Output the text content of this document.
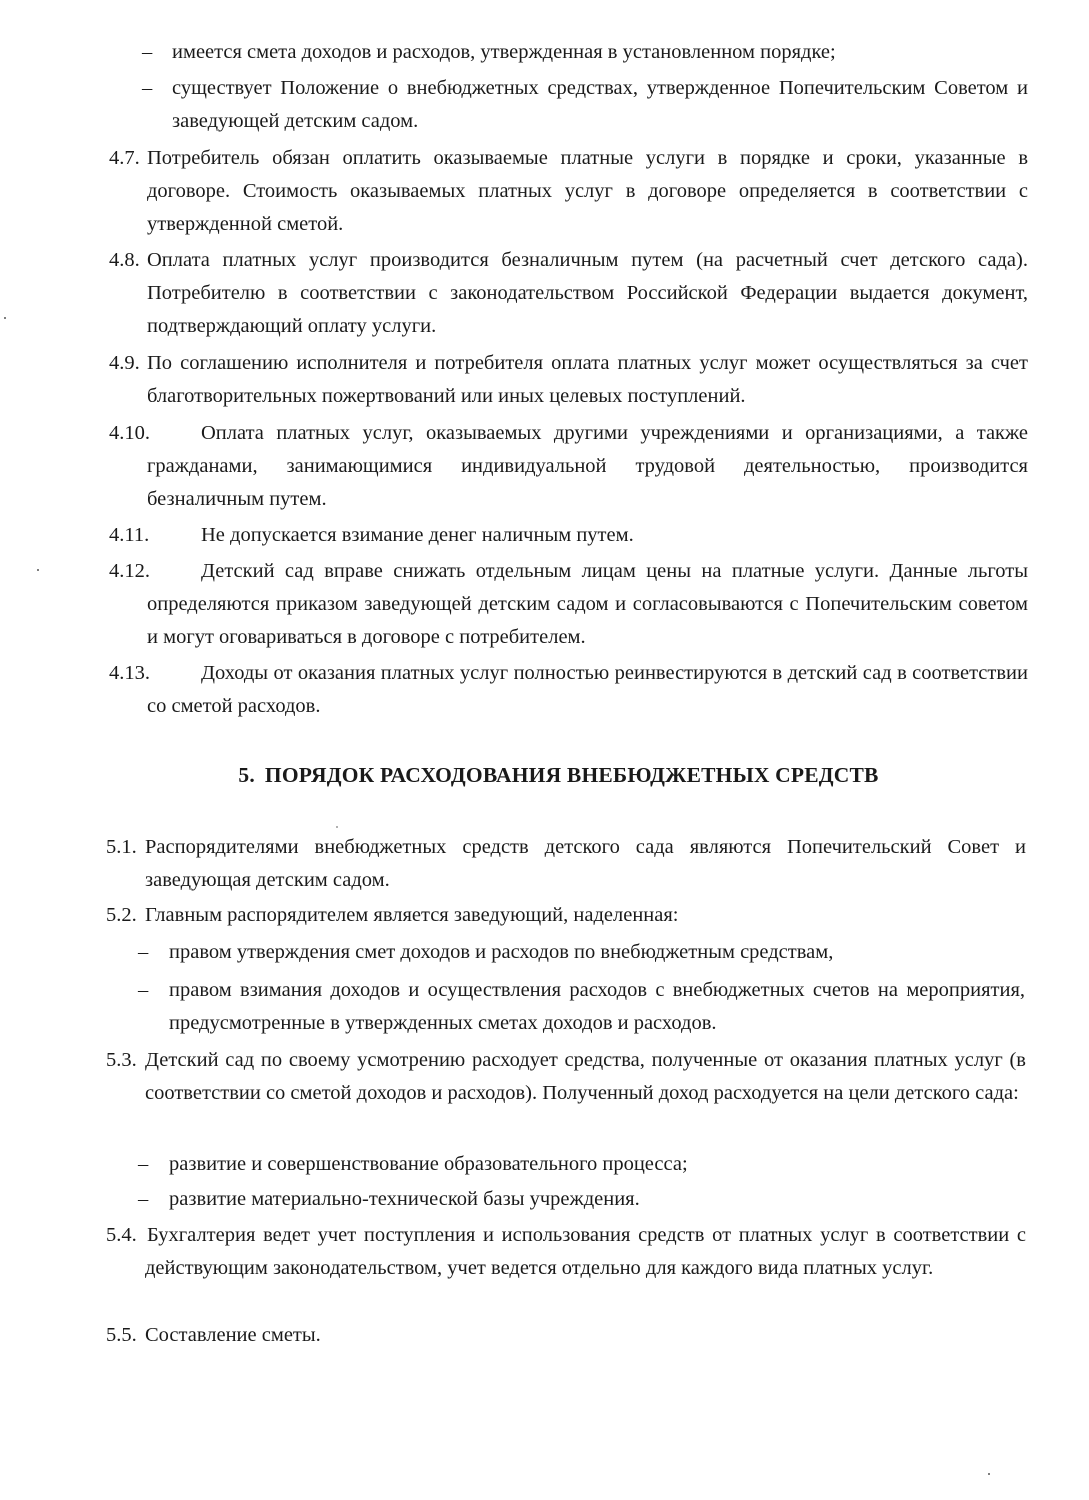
– имеется смета доходов и расходов, утвержденная в установленном порядке;
– существует Положение о внебюджетных средствах, утвержденное Попечительским Советом и заведующей детским садом.
4.7. Потребитель обязан оплатить оказываемые платные услуги в порядке и сроки, указанные в договоре. Стоимость оказываемых платных услуг в договоре определяется в соответствии с утвержденной сметой.
4.8. Оплата платных услуг производится безналичным путем (на расчетный счет детского сада). Потребителю в соответствии с законодательством Российской Федерации выдается документ, подтверждающий оплату услуги.
4.9. По соглашению исполнителя и потребителя оплата платных услуг может осуществляться за счет благотворительных пожертвований или иных целевых поступлений.
4.10.	Оплата платных услуг, оказываемых другими учреждениями и организациями, а также гражданами, занимающимися индивидуальной трудовой деятельностью, производится безналичным путем.
4.11.	Не допускается взимание денег наличным путем.
4.12.	Детский сад вправе снижать отдельным лицам цены на платные услуги. Данные льготы определяются приказом заведующей детским садом и согласовываются с Попечительским советом и могут оговариваться в договоре с потребителем.
4.13.	Доходы от оказания платных услуг полностью реинвестируются в детский сад в соответствии со сметой расходов.
5. ПОРЯДОК РАСХОДОВАНИЯ ВНЕБЮДЖЕТНЫХ СРЕДСТВ
5.1. Распорядителями внебюджетных средств детского сада являются Попечительский Совет и заведующая детским садом.
5.2. Главным распорядителем является заведующий, наделенная:
– правом утверждения смет доходов и расходов по внебюджетным средствам,
– правом взимания доходов и осуществления расходов с внебюджетных счетов на мероприятия, предусмотренные в утвержденных сметах доходов и расходов.
5.3. Детский сад по своему усмотрению расходует средства, полученные от оказания платных услуг (в соответствии со сметой доходов и расходов). Полученный доход расходуется на цели детского сада:
– развитие и совершенствование образовательного процесса;
– развитие материально-технической базы учреждения.
5.4. Бухгалтерия ведет учет поступления и использования средств от платных услуг в соответствии с действующим законодательством, учет ведется отдельно для каждого вида платных услуг.
5.5. Составление сметы.
